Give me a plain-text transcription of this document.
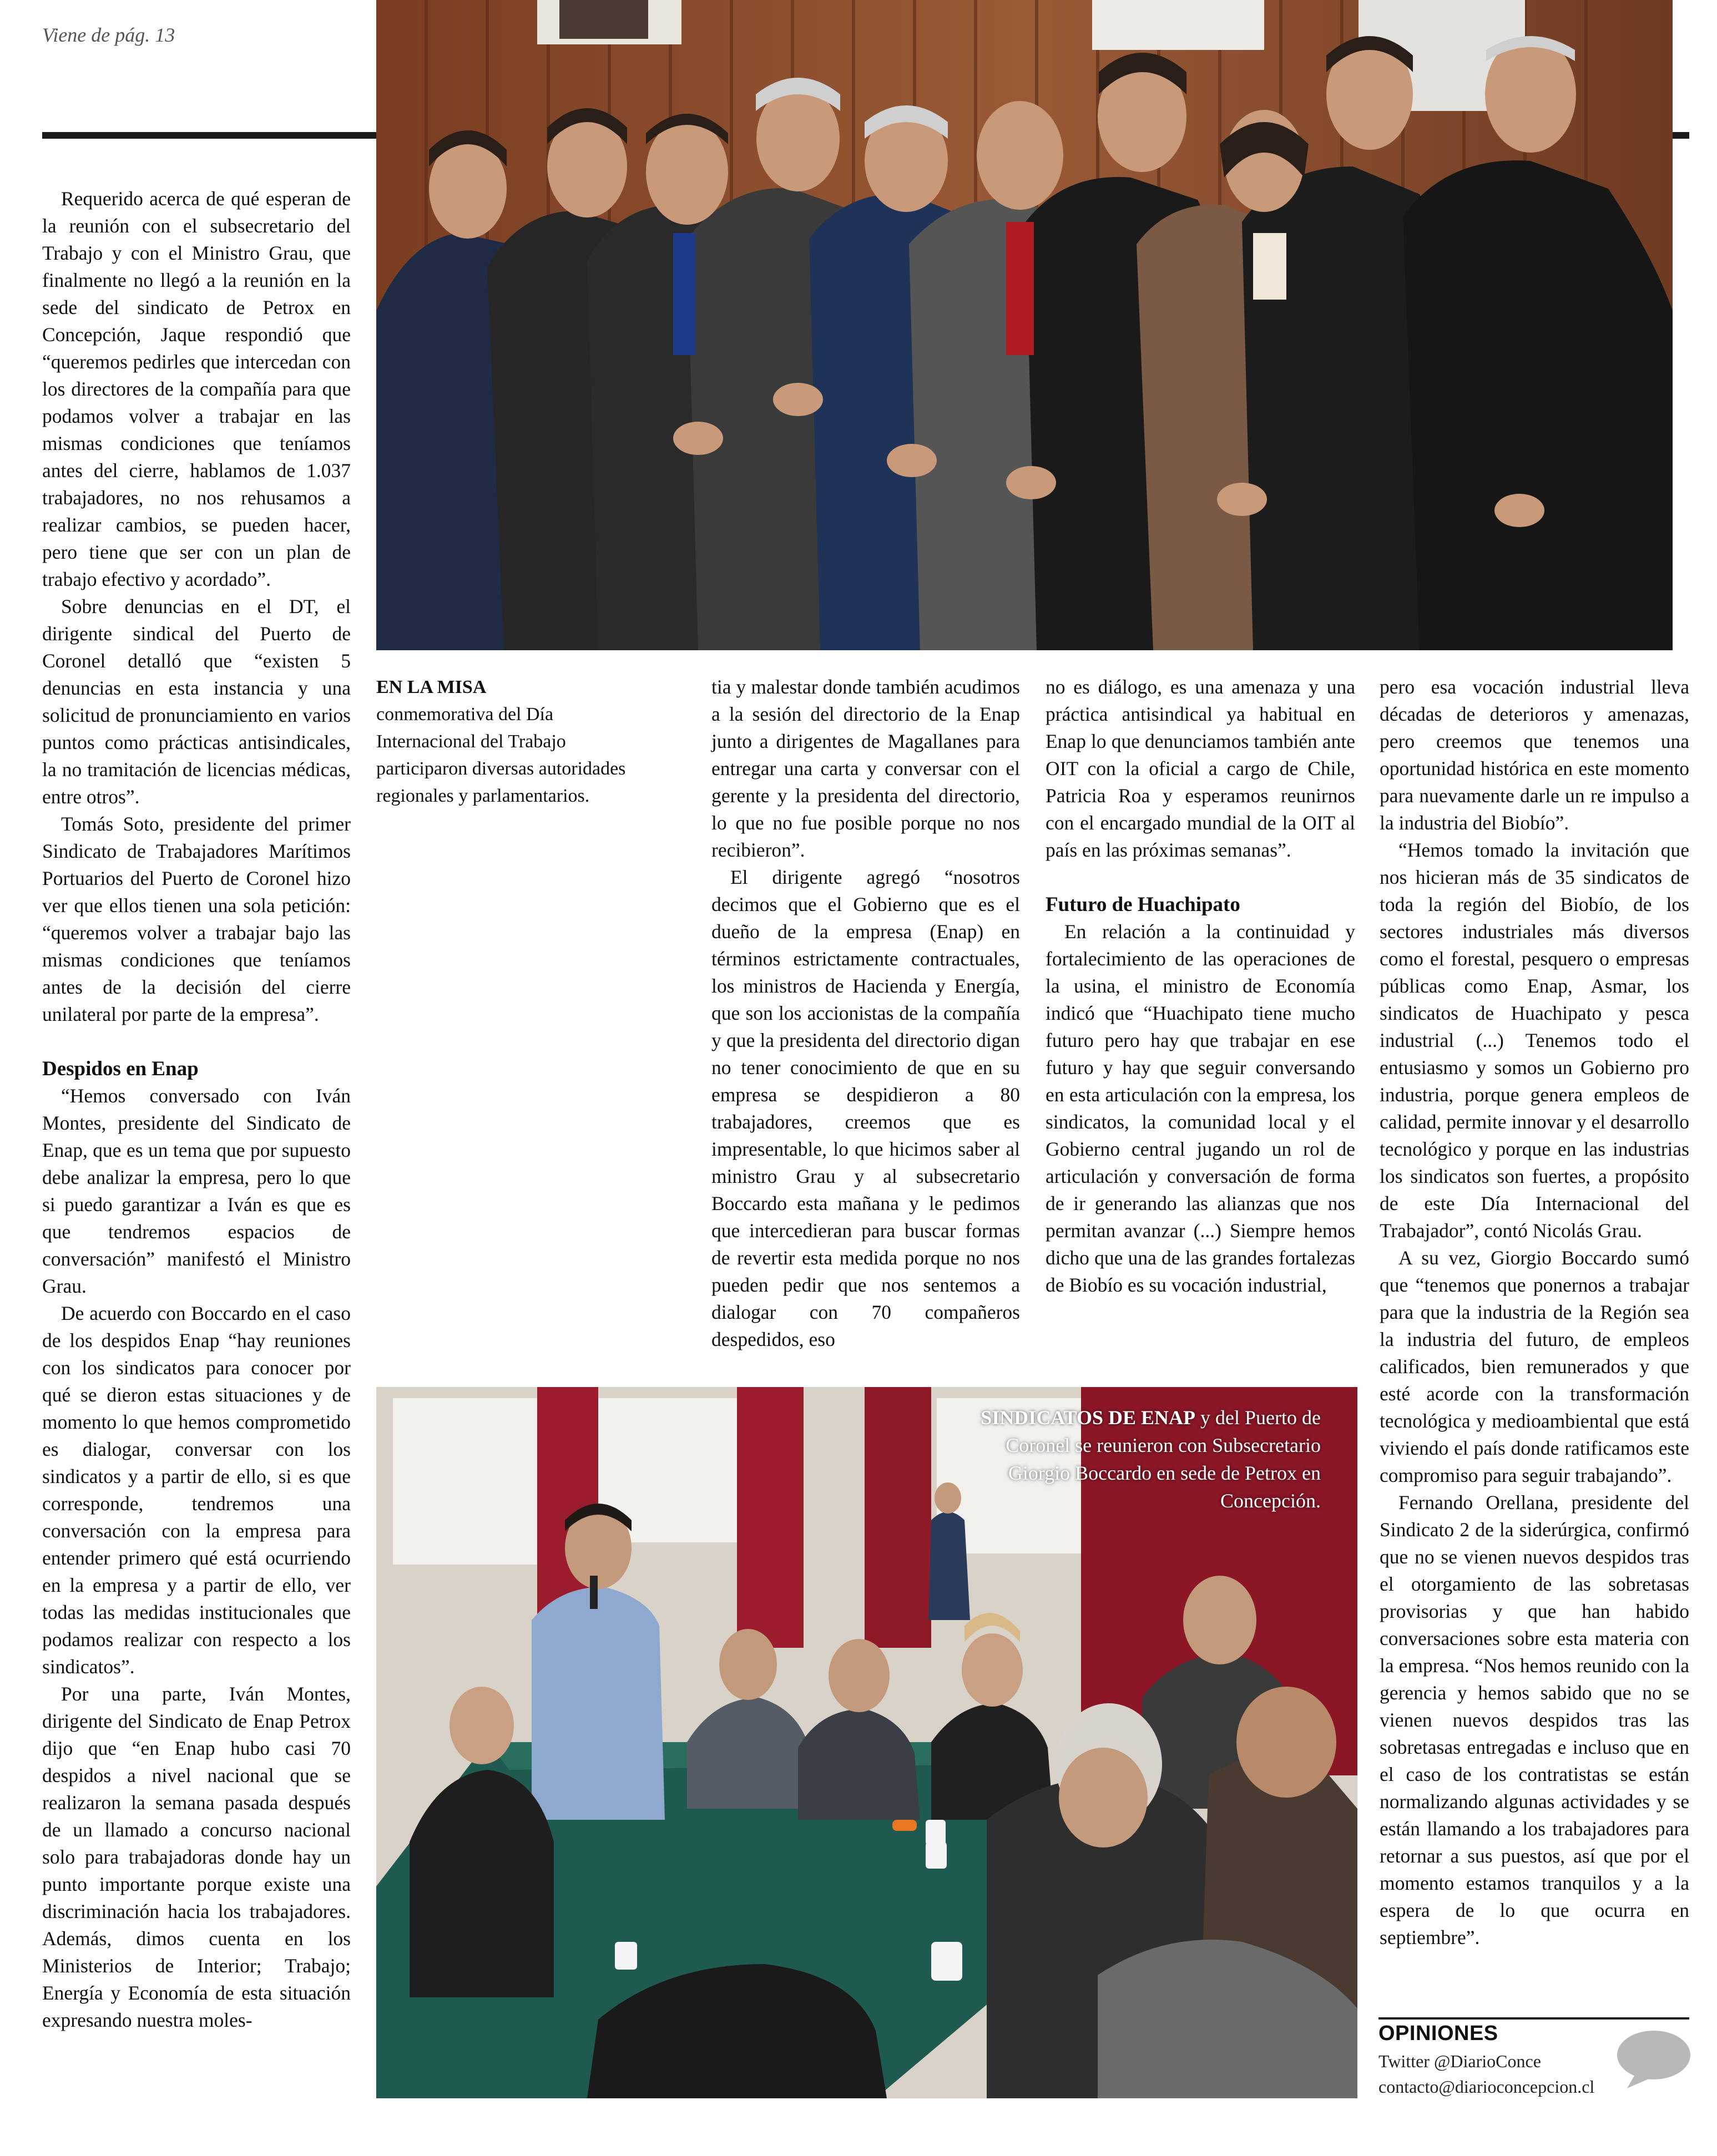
Viene de pág. 13
EN LA MISA
conmemorativa del Día Internacional del Trabajo participaron diversas autoridades regionales y parlamentarios.

Requerido acerca de qué esperan de la reunión con el subsecretario del Trabajo y con el Ministro Grau, que finalmente no llegó a la reunión en la sede del sindicato de Petrox en Concepción, Jaque respondió que “queremos pedirles que intercedan con los directores de la compañía para que podamos volver a trabajar en las mismas condiciones que teníamos antes del cierre, hablamos de 1.037 trabajadores, no nos rehusamos a realizar cambios, se pueden hacer, pero tiene que ser con un plan de trabajo efectivo y acordado”.

Sobre denuncias en el DT, el dirigente sindical del Puerto de Coronel detalló que “existen 5 denuncias en esta instancia y una solicitud de pronunciamiento en varios puntos como prácticas antisindicales, la no tramitación de licencias médicas, entre otros”.

Tomás Soto, presidente del primer Sindicato de Trabajadores Marítimos Portuarios del Puerto de Coronel hizo ver que ellos tienen una sola petición: “queremos volver a trabajar bajo las mismas condiciones que teníamos antes de la decisión del cierre unilateral por parte de la empresa”.

Despidos en Enap

“Hemos conversado con Iván Montes, presidente del Sindicato de Enap, que es un tema que por supuesto debe analizar la empresa, pero lo que si puedo garantizar a Iván es que es que tendremos espacios de conversación” manifestó el Ministro Grau.

De acuerdo con Boccardo en el caso de los despidos Enap “hay reuniones con los sindicatos para conocer por qué se dieron estas situaciones y de momento lo que hemos comprometido es dialogar, conversar con los sindicatos y a partir de ello, si es que corresponde, tendremos una conversación con la empresa para entender primero qué está ocurriendo en la empresa y a partir de ello, ver todas las medidas institucionales que podamos realizar con respecto a los sindicatos”.

Por una parte, Iván Montes, dirigente del Sindicato de Enap Petrox dijo que “en Enap hubo casi 70 despidos a nivel nacional que se realizaron la semana pasada después de un llamado a concurso nacional solo para trabajadoras donde hay un punto importante porque existe una discriminación hacia los trabajadores. Además, dimos cuenta en los Ministerios de Interior; Trabajo; Energía y Economía de esta situación expresando nuestra moles-

tia y malestar donde también acudimos a la sesión del directorio de la Enap junto a dirigentes de Magallanes para entregar una carta y conversar con el gerente y la presidenta del directorio, lo que no fue posible porque no nos recibieron”.

El dirigente agregó “nosotros decimos que el Gobierno que es el dueño de la empresa (Enap) en términos estrictamente contractuales, los ministros de Hacienda y Energía, que son los accionistas de la compañía y que la presidenta del directorio digan no tener conocimiento de que en su empresa se despidieron a 80 trabajadores, creemos que es impresentable, lo que hicimos saber al ministro Grau y al subsecretario Boccardo esta mañana y le pedimos que intercedieran para buscar formas de revertir esta medida porque no nos pueden pedir que nos sentemos a dialogar con 70 compañeros despedidos, eso

no es diálogo, es una amenaza y una práctica antisindical ya habitual en Enap lo que denunciamos también ante OIT con la oficial a cargo de Chile, Patricia Roa y esperamos reunirnos con el encargado mundial de la OIT al país en las próximas semanas”.

Futuro de Huachipato

En relación a la continuidad y fortalecimiento de las operaciones de la usina, el ministro de Economía indicó que “Huachipato tiene mucho futuro pero hay que trabajar en ese futuro y hay que seguir conversando en esta articulación con la empresa, los sindicatos, la comunidad local y el Gobierno central jugando un rol de articulación y conversación de forma de ir generando las alianzas que nos permitan avanzar (...) Siempre hemos dicho que una de las grandes fortalezas de Biobío es su vocación industrial,

pero esa vocación industrial lleva décadas de deterioros y amenazas, pero creemos que tenemos una oportunidad histórica en este momento para nuevamente darle un re impulso a la industria del Biobío”.

“Hemos tomado la invitación que nos hicieran más de 35 sindicatos de toda la región del Biobío, de los sectores industriales más diversos como el forestal, pesquero o empresas públicas como Enap, Asmar, los sindicatos de Huachipato y pesca industrial (...) Tenemos todo el entusiasmo y somos un Gobierno pro industria, porque genera empleos de calidad, permite innovar y el desarrollo tecnológico y porque en las industrias los sindicatos son fuertes, a propósito de este Día Internacional del Trabajador”, contó Nicolás Grau.

A su vez, Giorgio Boccardo sumó que “tenemos que ponernos a trabajar para que la industria de la Región sea la industria del futuro, de empleos calificados, bien remunerados y que esté acorde con la transformación tecnológica y medioambiental que está viviendo el país donde ratificamos este compromiso para seguir trabajando”.

Fernando Orellana, presidente del Sindicato 2 de la siderúrgica, confirmó que no se vienen nuevos despidos tras el otorgamiento de las sobretasas provisorias y que han habido conversaciones sobre esta materia con la empresa. “Nos hemos reunido con la gerencia y hemos sabido que no se vienen nuevos despidos tras las sobretasas entregadas e incluso que en el caso de los contratistas se están normalizando algunas actividades y se están llamando a los trabajadores para retornar a sus puestos, así que por el momento estamos tranquilos y a la espera de lo que ocurra en septiembre”.

SINDICATOS DE ENAP y del Puerto de Coronel se reunieron con Subsecretario Giorgio Boccardo en sede de Petrox en Concepción.
OPINIONES
Twitter @DiarioConce
contacto@diarioconcepcion.cl
